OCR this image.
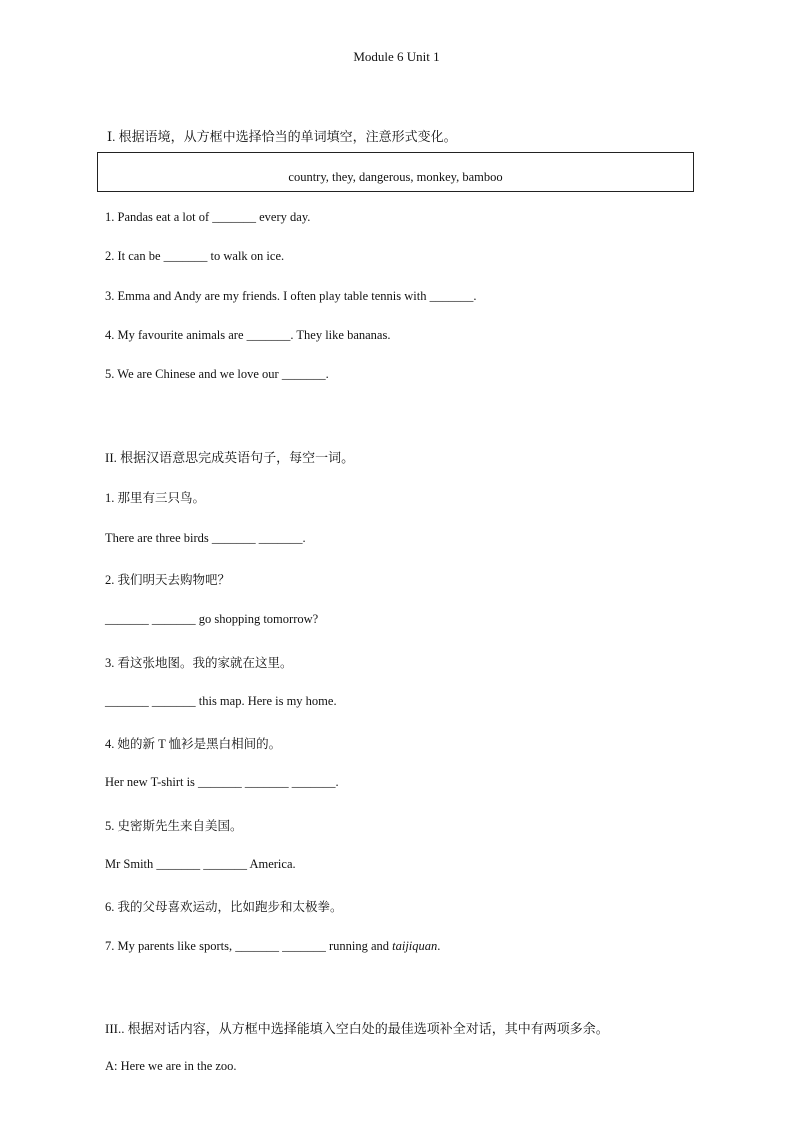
Module 6 Unit 1
Ⅰ. 根据语境，从方框中选择恰当的单词填空，注意形式变化。
country, they, dangerous, monkey, bamboo
1. Pandas eat a lot of _______ every day.
2. It can be _______ to walk on ice.
3. Emma and Andy are my friends. I often play table tennis with _______.
4. My favourite animals are _______. They like bananas.
5. We are Chinese and we love our _______.
II. 根据汉语意思完成英语句子，每空一词。
1. 那里有三只鸟。
There are three birds _______ _______.
2. 我们明天去购物吧？
_______ _______ go shopping tomorrow?
3. 看这张地图。我的家就在这里。
_______ _______ this map. Here is my home.
4. 她的新 T 恤衫是黑白相间的。
Her new T-shirt is _______ _______ _______.
5. 史密斯先生来自美国。
Mr Smith _______ _______ America.
6. 我的父母喜欢运动，比如跑步和太极拳。
7. My parents like sports, _______ _______ running and taijiquan.
III.. 根据对话内容，从方框中选择能填入空白处的最佳选项补全对话，其中有两项多余。
A: Here we are in the zoo.
